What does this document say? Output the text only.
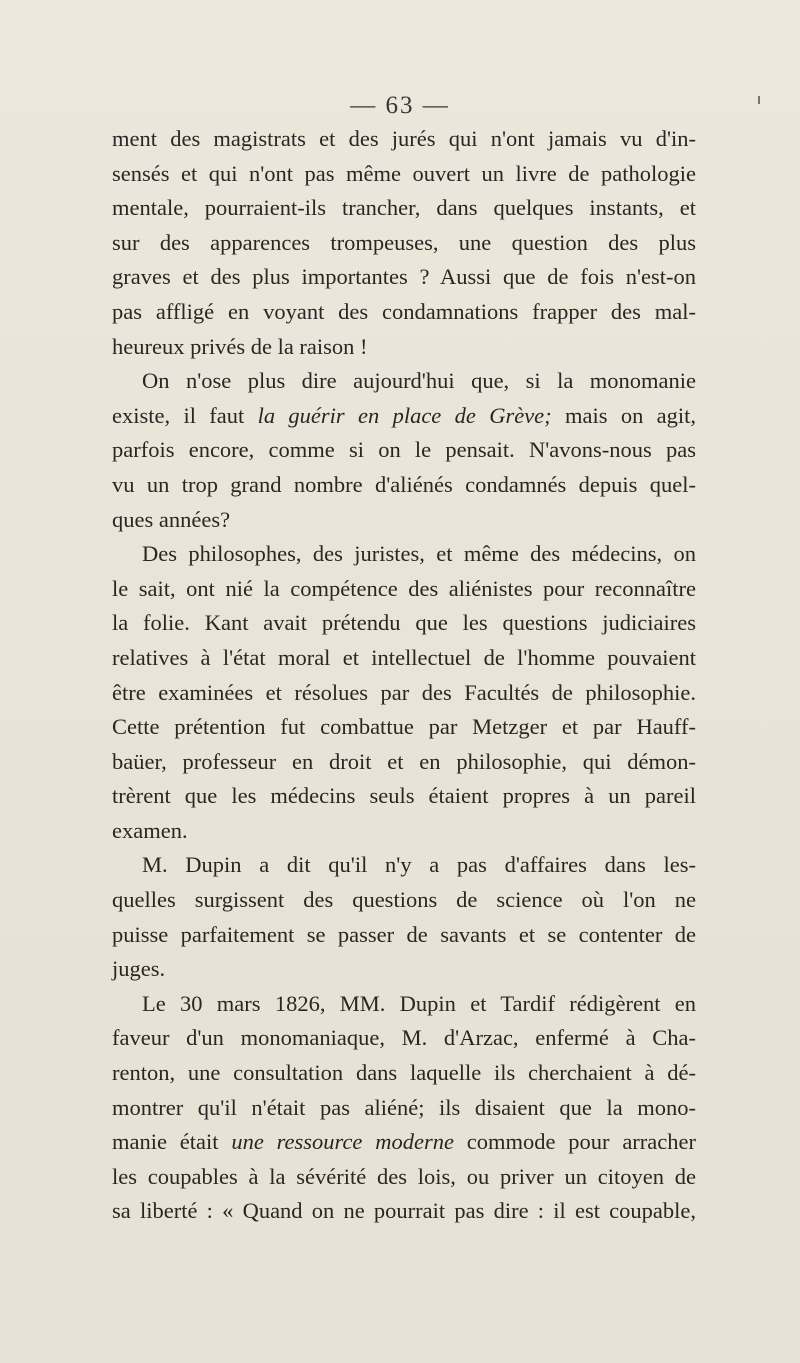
— 63 —
ment des magistrats et des jurés qui n'ont jamais vu d'in-
sensés et qui n'ont pas même ouvert un livre de pathologie
mentale, pourraient-ils trancher, dans quelques instants, et
sur des apparences trompeuses, une question des plus
graves et des plus importantes ? Aussi que de fois n'est-on
pas affligé en voyant des condamnations frapper des mal-
heureux privés de la raison !
On n'ose plus dire aujourd'hui que, si la monomanie
existe, il faut la guérir en place de Grève; mais on agit,
parfois encore, comme si on le pensait. N'avons-nous pas
vu un trop grand nombre d'aliénés condamnés depuis quel-
ques années?
Des philosophes, des juristes, et même des médecins, on
le sait, ont nié la compétence des aliénistes pour reconnaître
la folie. Kant avait prétendu que les questions judiciaires
relatives à l'état moral et intellectuel de l'homme pouvaient
être examinées et résolues par des Facultés de philosophie.
Cette prétention fut combattue par Metzger et par Hauff-
baüer, professeur en droit et en philosophie, qui démon-
trèrent que les médecins seuls étaient propres à un pareil
examen.
M. Dupin a dit qu'il n'y a pas d'affaires dans les-
quelles surgissent des questions de science où l'on ne
puisse parfaitement se passer de savants et se contenter de
juges.
Le 30 mars 1826, MM. Dupin et Tardif rédigèrent en
faveur d'un monomaniaque, M. d'Arzac, enfermé à Cha-
renton, une consultation dans laquelle ils cherchaient à dé-
montrer qu'il n'était pas aliéné; ils disaient que la mono-
manie était une ressource moderne commode pour arracher
les coupables à la sévérité des lois, ou priver un citoyen de
sa liberté : « Quand on ne pourrait pas dire : il est coupable,
